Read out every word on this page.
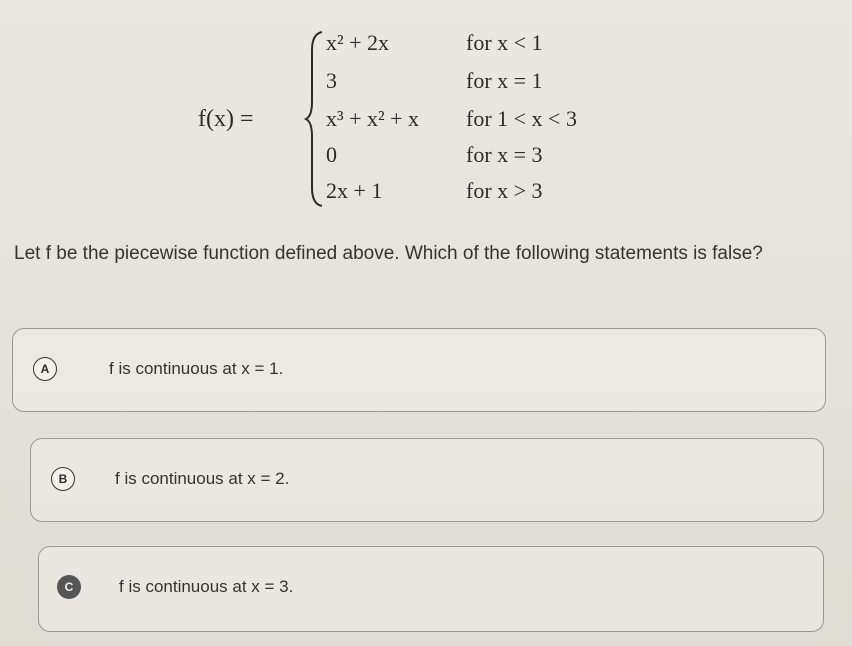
f(x) =
x² + 2x	for x < 1
3	for x = 1
x³ + x² + x for 1 < x < 3
0	for x = 3
2x + 1	for x > 3
Let f be the piecewise function defined above. Which of the following statements is false?
A	f is continuous at x = 1.
B	f is continuous at x = 2.
C	f is continuous at x = 3.
